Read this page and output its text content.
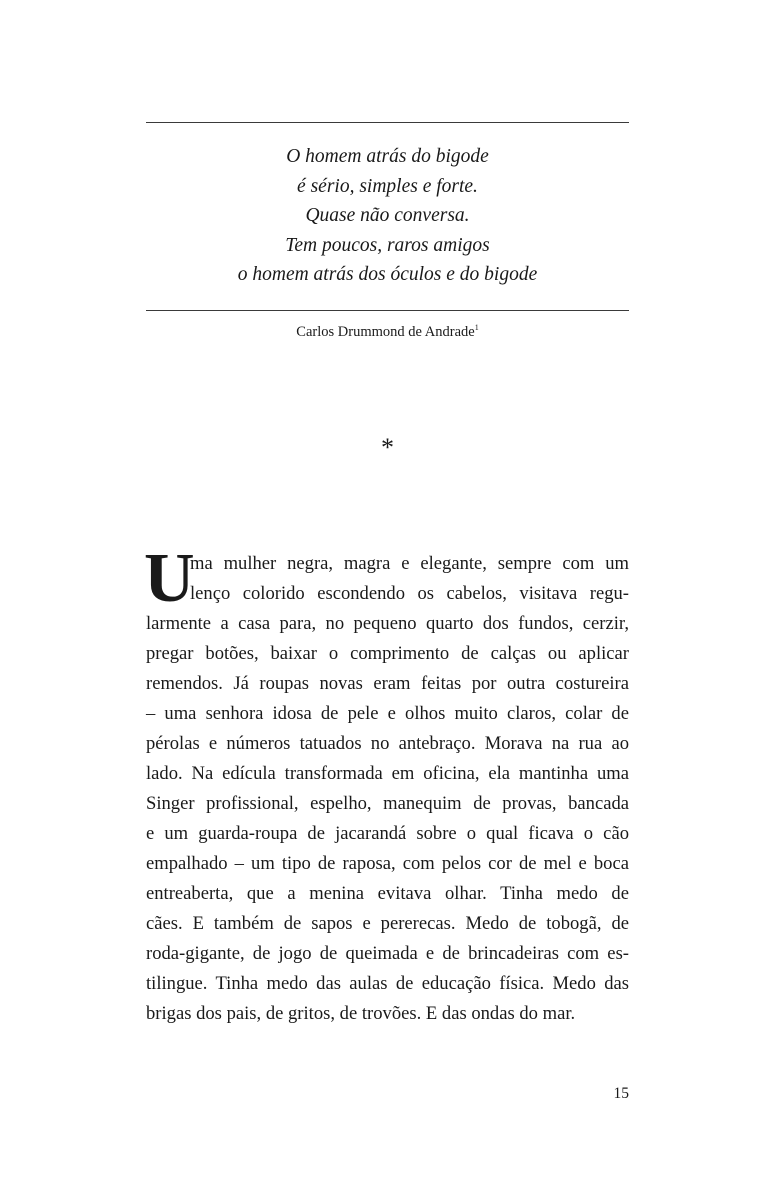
O homem atrás do bigode
é sério, simples e forte.
Quase não conversa.
Tem poucos, raros amigos
o homem atrás dos óculos e do bigode
Carlos Drummond de Andrade$^1$
*
U
ma mulher negra, magra e elegante, sempre com um
lenço colorido escondendo os cabelos, visitava regu-
larmente a casa para, no pequeno quarto dos fundos, cerzir,
pregar botões, baixar o comprimento de calças ou aplicar
remendos. Já roupas novas eram feitas por outra costureira
– uma senhora idosa de pele e olhos muito claros, colar de
pérolas e números tatuados no antebraço. Morava na rua ao
lado. Na edícula transformada em oficina, ela mantinha uma
Singer profissional, espelho, manequim de provas, bancada
e um guarda-roupa de jacarandá sobre o qual ficava o cão
empalhado – um tipo de raposa, com pelos cor de mel e boca
entreaberta, que a menina evitava olhar. Tinha medo de
cães. E também de sapos e pererecas. Medo de tobogã, de
roda-gigante, de jogo de queimada e de brincadeiras com es-
tilingue. Tinha medo das aulas de educação física. Medo das
brigas dos pais, de gritos, de trovões. E das ondas do mar.
15
